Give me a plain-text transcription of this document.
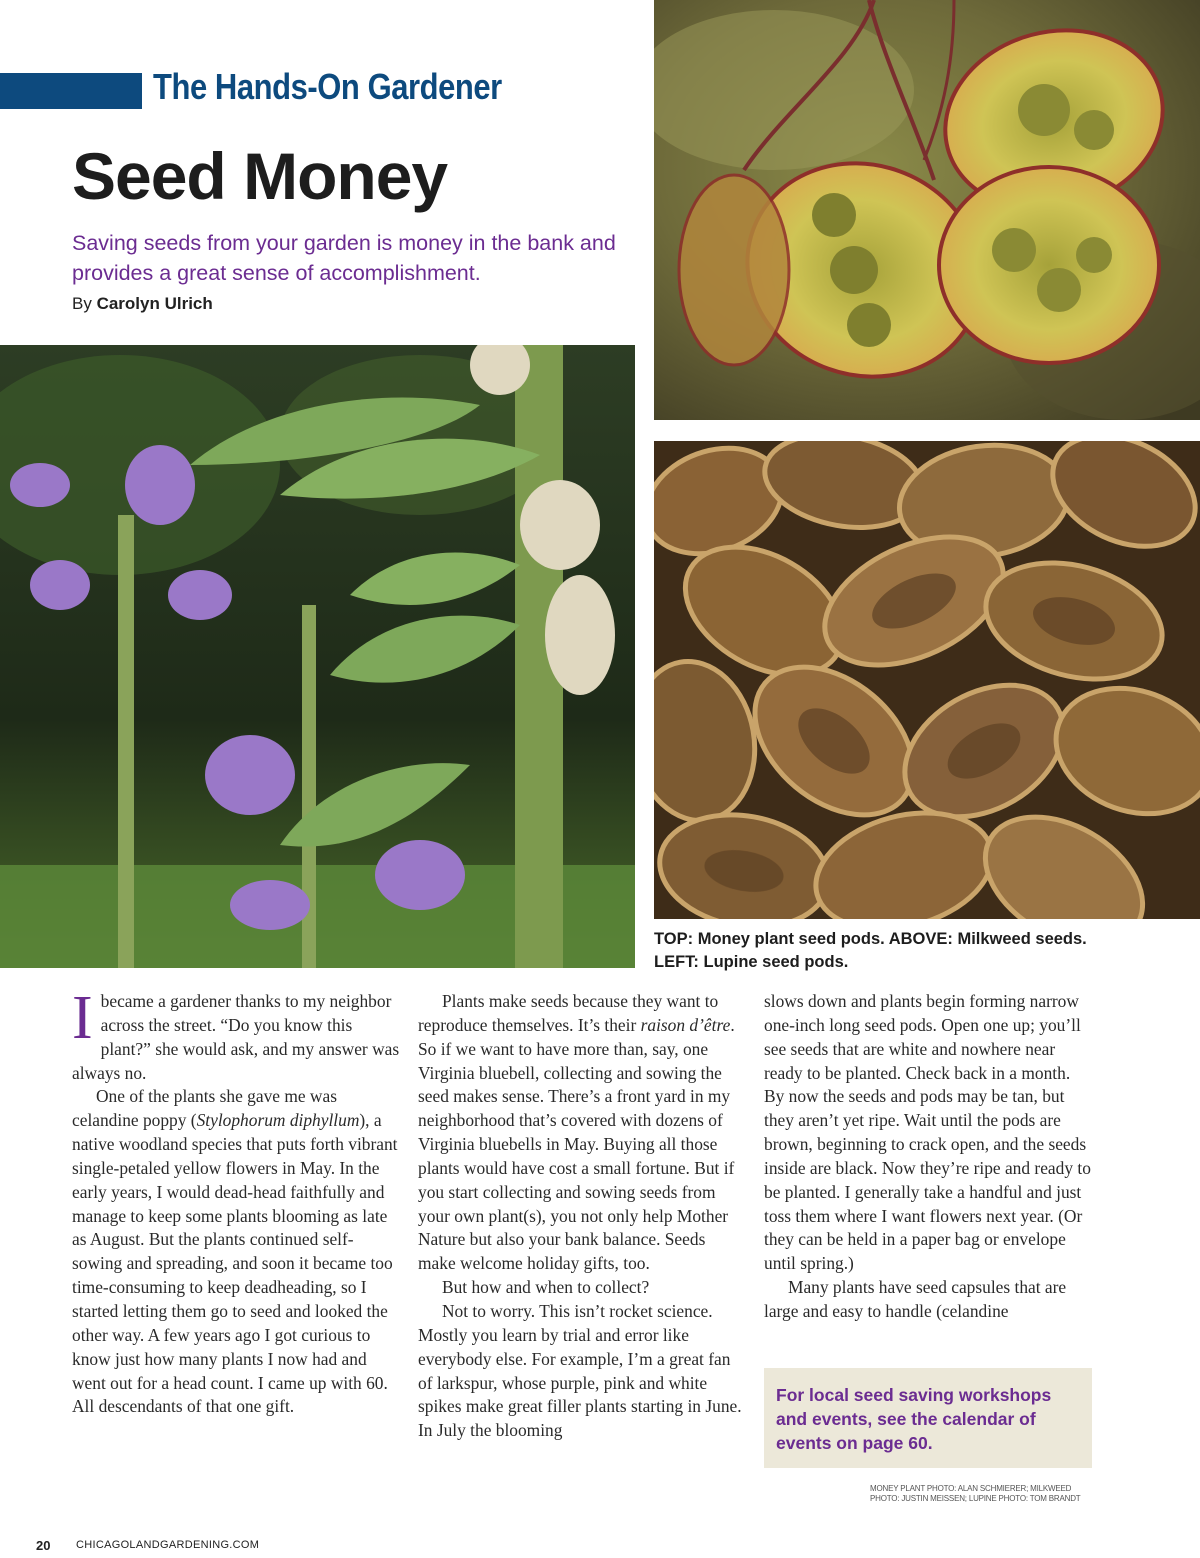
The Hands-On Gardener
Seed Money
Saving seeds from your garden is money in the bank and provides a great sense of accomplishment.
By Carolyn Ulrich
TOP: Money plant seed pods. ABOVE: Milkweed seeds. LEFT: Lupine seed pods.

Ibecame a gardener thanks to my neighbor across the street. “Do you know this plant?” she would ask, and my answer was always no.

One of the plants she gave me was celandine poppy (Stylophorum diphyllum), a native woodland species that puts forth vibrant single-petaled yellow flowers in May. In the early years, I would dead-head faithfully and manage to keep some plants blooming as late as August. But the plants continued self-sowing and spreading, and soon it became too time-consuming to keep deadheading, so I started letting them go to seed and looked the other way. A few years ago I got curious to know just how many plants I now had and went out for a head count. I came up with 60. All descendants of that one gift.

Plants make seeds because they want to reproduce themselves. It’s their raison d’être. So if we want to have more than, say, one Virginia bluebell, collecting and sowing the seed makes sense. There’s a front yard in my neighborhood that’s covered with dozens of Virginia bluebells in May. Buying all those plants would have cost a small fortune. But if you start collecting and sowing seeds from your own plant(s), you not only help Mother Nature but also your bank balance. Seeds make welcome holiday gifts, too.

But how and when to collect?

Not to worry. This isn’t rocket science. Mostly you learn by trial and error like everybody else. For example, I’m a great fan of larkspur, whose purple, pink and white spikes make great filler plants starting in June. In July the blooming

slows down and plants begin forming narrow one-inch long seed pods. Open one up; you’ll see seeds that are white and nowhere near ready to be planted. Check back in a month. By now the seeds and pods may be tan, but they aren’t yet ripe. Wait until the pods are brown, beginning to crack open, and the seeds inside are black. Now they’re ripe and ready to be planted. I generally take a handful and just toss them where I want flowers next year. (Or they can be held in a paper bag or envelope until spring.)

Many plants have seed capsules that are large and easy to handle (celandine

For local seed saving workshops and events, see the calendar of events on page 60.
MONEY PLANT PHOTO: ALAN SCHMIERER; MILKWEED PHOTO: JUSTIN MEISSEN; LUPINE PHOTO: TOM BRANDT
20 CHICAGOLANDGARDENING.COM
